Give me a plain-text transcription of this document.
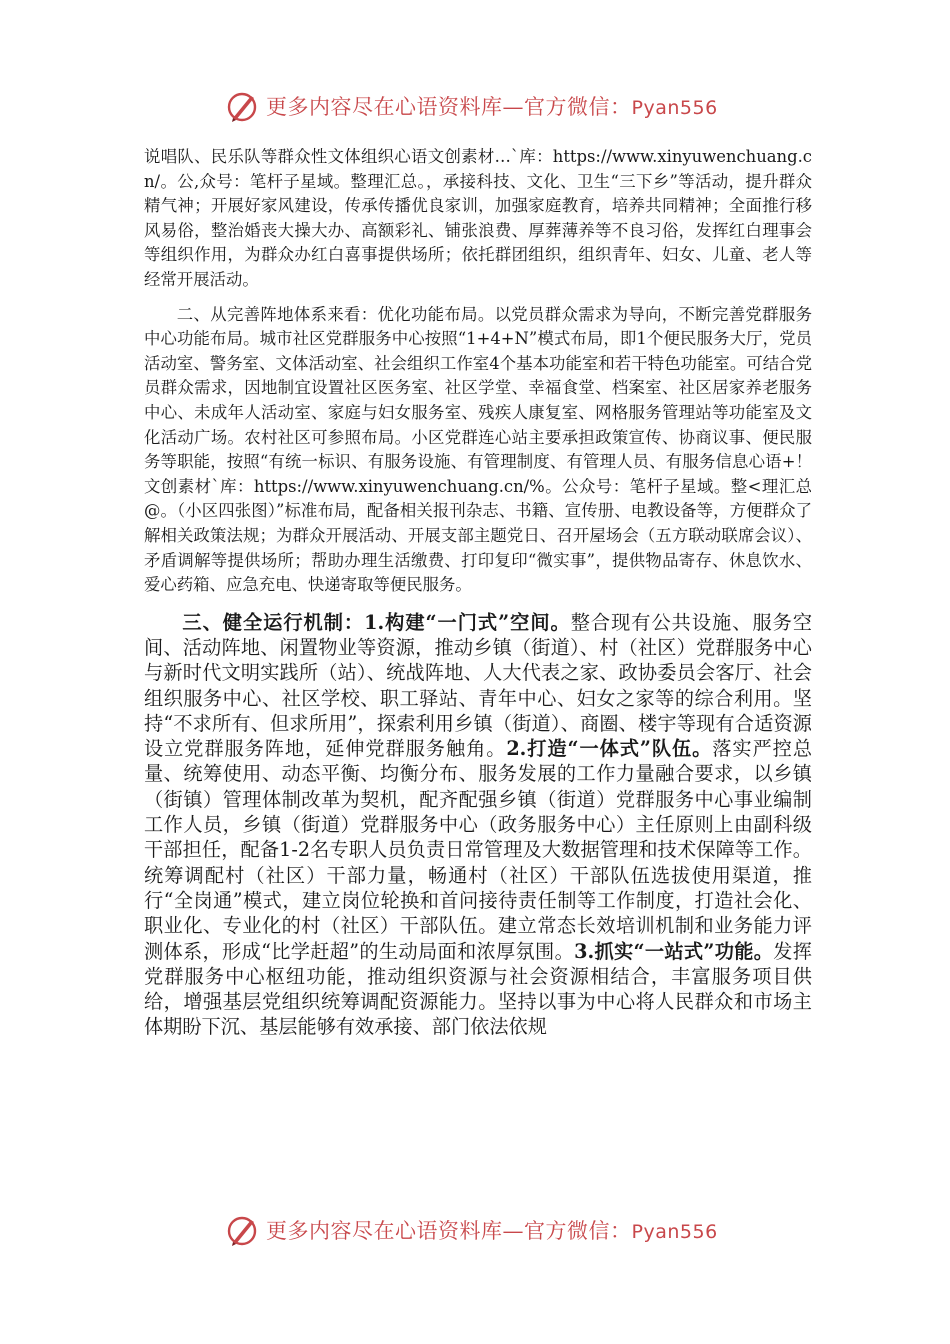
更多内容尽在心语资料库—官方微信：Pyan556

说唱队、民乐队等群众性文体组织心语文创素材…`库：https://www.xinyuwenchuang.cn/。公,众号：笔杆子星域。整理汇总。，承接科技、文化、卫生“三下乡”等活动，提升群众精气神；开展好家风建设，传承传播优良家训，加强家庭教育，培养共同精神；全面推行移风易俗，整治婚丧大操大办、高额彩礼、铺张浪费、厚葬薄养等不良习俗，发挥红白理事会等组织作用，为群众办红白喜事提供场所；依托群团组织，组织青年、妇女、儿童、老人等经常开展活动。

二、从完善阵地体系来看：优化功能布局。以党员群众需求为导向，不断完善党群服务中心功能布局。城市社区党群服务中心按照“1+4+N”模式布局，即1个便民服务大厅，党员活动室、警务室、文体活动室、社会组织工作室4个基本功能室和若干特色功能室。可结合党员群众需求，因地制宜设置社区医务室、社区学堂、幸福食堂、档案室、社区居家养老服务中心、未成年人活动室、家庭与妇女服务室、残疾人康复室、网格服务管理站等功能室及文化活动广场。农村社区可参照布局。小区党群连心站主要承担政策宣传、协商议事、便民服务等职能，按照“有统一标识、有服务设施、有管理制度、有管理人员、有服务信息心语+！文创素材`库：https://www.xinyuwenchuang.cn/%。公众号：笔杆子星域。整<理汇总@。（小区四张图）”标准布局，配备相关报刊杂志、书籍、宣传册、电教设备等，方便群众了解相关政策法规；为群众开展活动、开展支部主题党日、召开屋场会（五方联动联席会议）、矛盾调解等提供场所；帮助办理生活缴费、打印复印“微实事”，提供物品寄存、休息饮水、爱心药箱、应急充电、快递寄取等便民服务。

三、健全运行机制：1.构建“一门式”空间。整合现有公共设施、服务空间、活动阵地、闲置物业等资源，推动乡镇（街道）、村（社区）党群服务中心与新时代文明实践所（站）、统战阵地、人大代表之家、政协委员会客厅、社会组织服务中心、社区学校、职工驿站、青年中心、妇女之家等的综合利用。坚持“不求所有、但求所用”，探索利用乡镇（街道）、商圈、楼宇等现有合适资源设立党群服务阵地，延伸党群服务触角。2.打造“一体式”队伍。落实严控总量、统筹使用、动态平衡、均衡分布、服务发展的工作力量融合要求，以乡镇（街镇）管理体制改革为契机，配齐配强乡镇（街道）党群服务中心事业编制工作人员，乡镇（街道）党群服务中心（政务服务中心）主任原则上由副科级干部担任，配备1-2名专职人员负责日常管理及大数据管理和技术保障等工作。统筹调配村（社区）干部力量，畅通村（社区）干部队伍选拔使用渠道，推行“全岗通”模式，建立岗位轮换和首问接待责任制等工作制度，打造社会化、职业化、专业化的村（社区）干部队伍。建立常态长效培训机制和业务能力评测体系，形成“比学赶超”的生动局面和浓厚氛围。3.抓实“一站式”功能。发挥党群服务中心枢纽功能，推动组织资源与社会资源相结合，丰富服务项目供给，增强基层党组织统筹调配资源能力。坚持以事为中心将人民群众和市场主体期盼下沉、基层能够有效承接、部门依法依规

更多内容尽在心语资料库—官方微信：Pyan556
